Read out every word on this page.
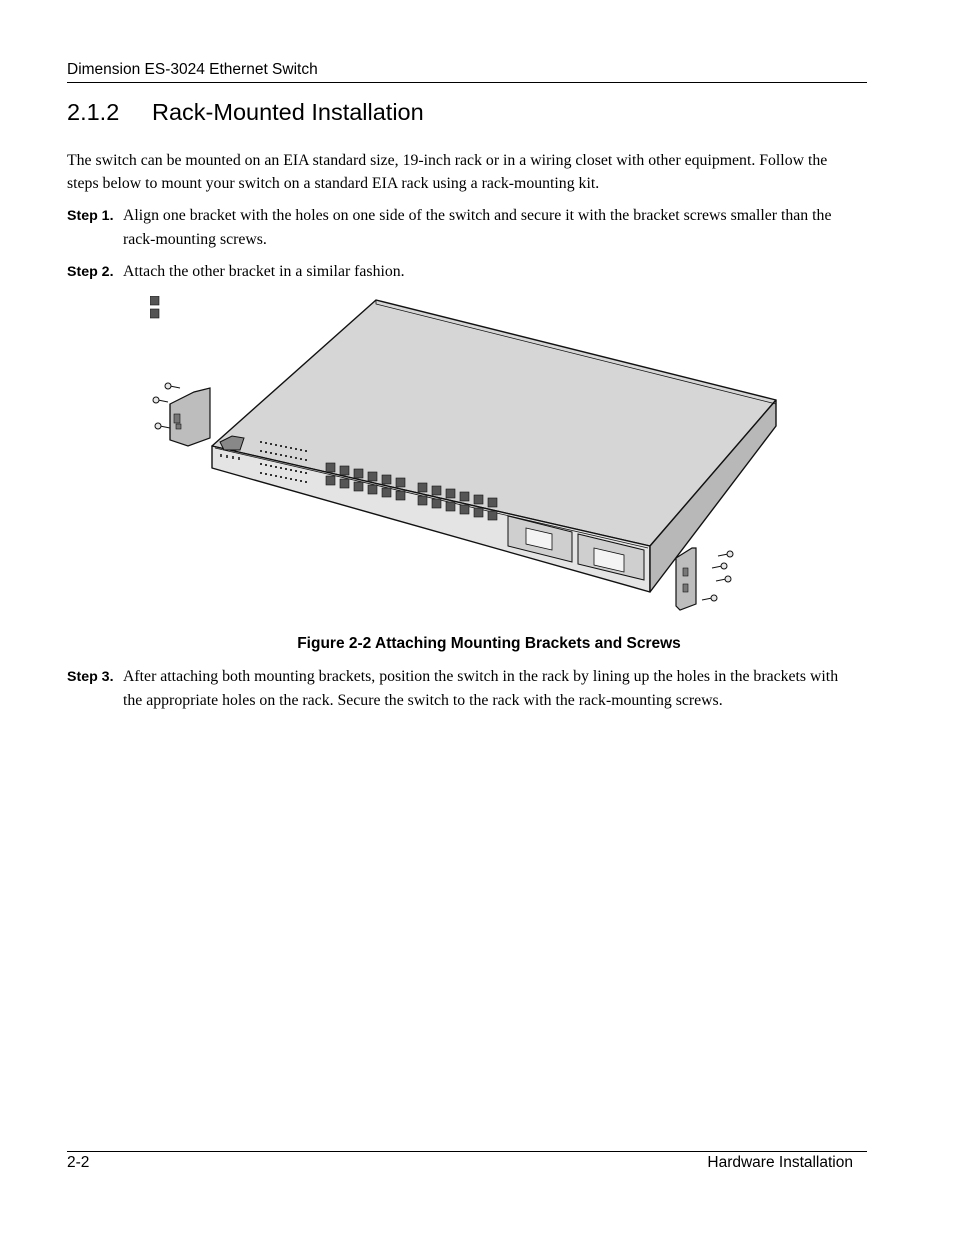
Dimension ES-3024 Ethernet Switch
2.1.2 Rack-Mounted Installation

The switch can be mounted on an EIA standard size, 19-inch rack or in a wiring closet with other equipment. Follow the steps below to mount your switch on a standard EIA rack using a rack-mounting kit.

Step 1. Align one bracket with the holes on one side of the switch and secure it with the bracket screws smaller than the rack-mounting screws.
Step 2. Attach the other bracket in a similar fashion.
Figure 2-2 Attaching Mounting Brackets and Screws
Step 3. After attaching both mounting brackets, position the switch in the rack by lining up the holes in the brackets with the appropriate holes on the rack. Secure the switch to the rack with the rack-mounting screws.
2-2	Hardware Installation
